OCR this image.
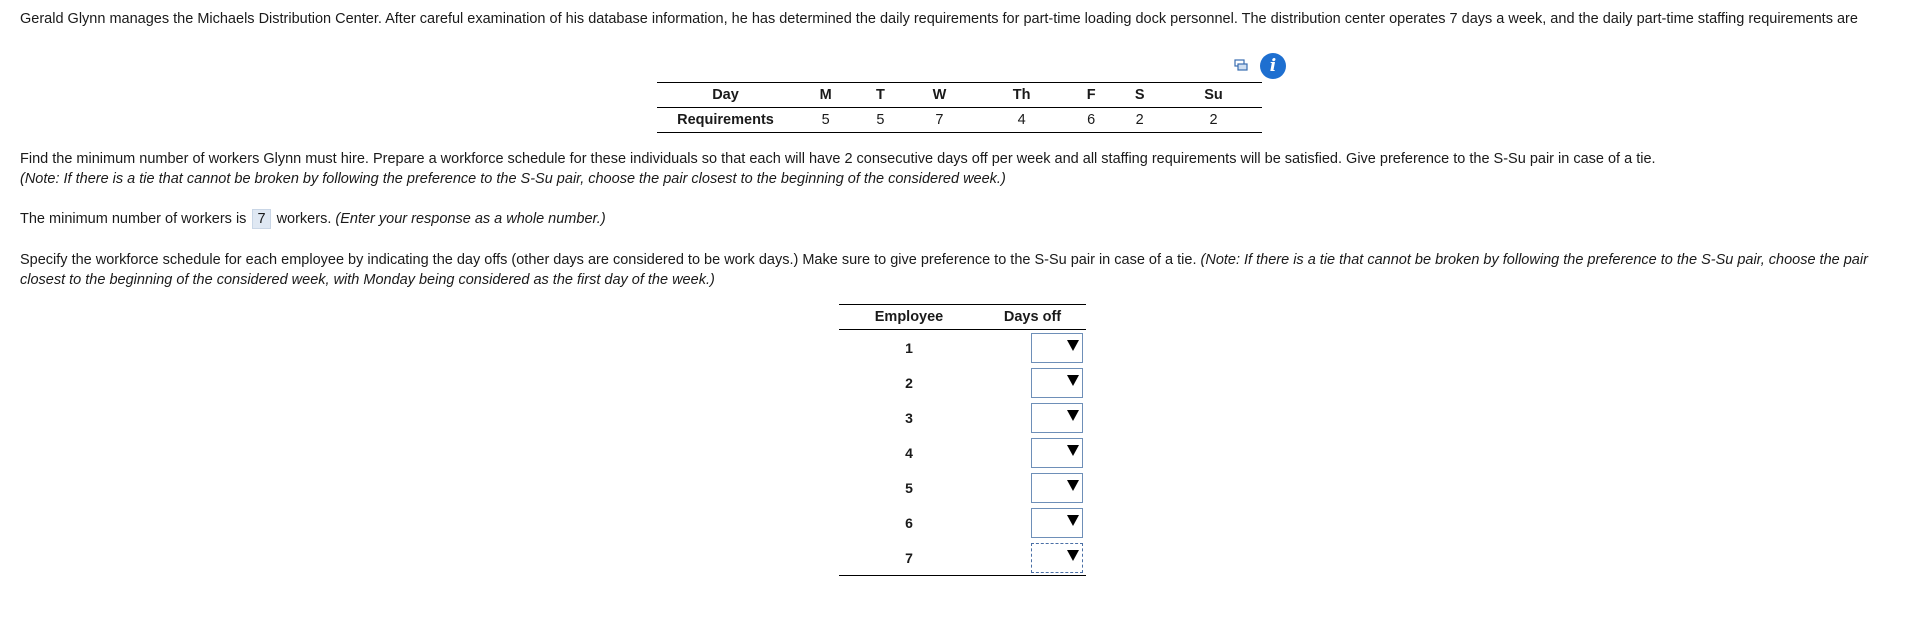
Gerald Glynn manages the Michaels Distribution Center. After careful examination of his database information, he has determined the daily requirements for part-time loading dock personnel. The distribution center operates 7 days a week, and the daily part-time staffing requirements are
i
Day	M	T	W	Th	F	S	Su
Requirements	5	5	7	4	6	2	2
Find the minimum number of workers Glynn must hire. Prepare a workforce schedule for these individuals so that each will have 2 consecutive days off per week and all staffing requirements will be satisfied. Give preference to the S-Su pair in case of a tie.
(Note: If there is a tie that cannot be broken by following the preference to the S-Su pair, choose the pair closest to the beginning of the considered week.)
The minimum number of workers is 7 workers. (Enter your response as a whole number.)
Specify the workforce schedule for each employee by indicating the day offs (other days are considered to be work days.) Make sure to give preference to the S-Su pair in case of a tie. (Note: If there is a tie that cannot be broken by following the preference to the S-Su pair, choose the pair closest to the beginning of the considered week, with Monday being considered as the first day of the week.)
Employee	Days off
1	

2	

3	

4	

5	

6	

7	
